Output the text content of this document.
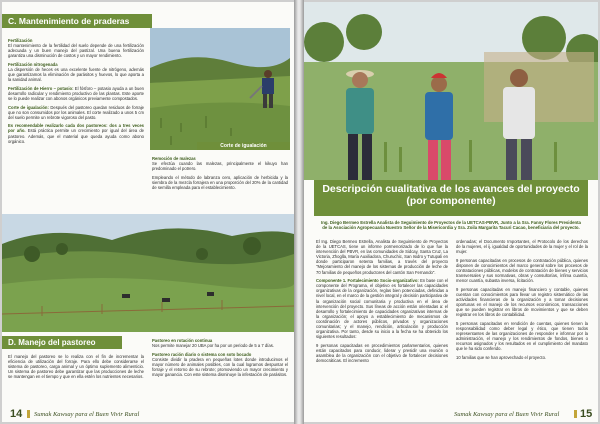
C. Mantenimiento de praderas

Fertilización
El mantenimiento de la fertilidad del suelo depende de una fertilización adecuada y un buen manejo del pastizal. Una buena fertilización garantiza una disminución de costos y un mayor rendimiento.

Fertilización nitrogenada
La dispersión de heces es una excelente fuente de nitrógeno, además que garantizamos la eliminación de parásitos y huevos, lo que aporta a la sanidad animal.

Fertilización de Hierro – potasio: El fósforo – potasio ayuda a un buen desarrollo radicular y rendimiento productivo de las plantas. Este aporte se lo puede realizar con abonos orgánicos previamente compostados.

Corte de igualación: Después del pastoreo quedan residuos de forraje que no son consumidos por los animales. El corte realizado a unos 5 cm del suelo permite un rebrote vigoroso del pasto.

Es recomendable realizarlo cada dos pastoreos: dos a tres veces por año. Está práctica permite un crecimiento por igual del área de pastoreo. Además, que el material que queda ayuda como abono orgánico.

Corte de igualación

Remoción de malezas
Se efectúa cuando las malezas, principalmente el kikuyo han predominado el potrero.

Empleando el método de labranza cero, aplicación de herbicida y la siembra de la mezcla forrajera en una proporción del 20% de la cantidad de semilla empleada para el establecimiento.

D. Manejo del pastoreo

El manejo del pastoreo se lo realiza con el fin de incrementar la eficiencia de utilización del forraje. Para ello debe considerarse el sistema de pastoreo, carga animal y un óptimo suplemento alimenticio. Un sistema de pastoreo debe garantizar que las producciones de leche se mantengan en el tiempo y que en ella estén los nutrientes necesarios.

Pastoreo en rotación continua
Nos permite manejar 20 UBA por ha por un periodo de 5 a 7 días.

Pastoreo ración diario o sistema con soto bocado
Consiste dividir la pradera en pequeñas lotes donde introducimos el mayor número de animales posibles, con la cual logramos despuntar el forraje y el retorno de su rebrote; promoviendo un mayor crecimiento y mayor ganancia. Con este sistema disminuye la infestación de parásitos.

14 Sumak Kawsay para el Buen Vivir Rural
Descripción cualitativa de los avances del proyecto
(por componente)
Ing. Diego Bermeo Estrella Analista de Seguimiento de Proyectos de la UETCAS-PBVR, Junto a la Sra. Fanny Flores Presidenta de la Asociación Agropecuaria Nuestro Señor de la Misericordia y Sra. Zoila Margarita Tacuri Cacao, beneficiaria del proyecto.

El Ing. Diego Bermeo Estrella, Analista de Seguimiento de Proyectos de la UETCAS, tiene un informe pormenorizado de lo que fue la intervención del PBVR, en las comunidades de Sidcay, Santa Cruz, La Victoria, Zhoglla, María Auxiliadora, Churuchic, San Isidro y Tutupali en donde participaron setenta familias, a través del proyecto "Mejoramiento del manejo de los sistemas de producción de leche de 70 familias de pequeños productores del cantón San Fernando".

Componente 1. Fortalecimiento Socio-organizativo: En base con el componente del Programa, el objetivo es fortalecer las capacidades organizativas de la organización, reglas bien potenciadas, definidas a nivel local, en el marco de la gestión integral y decisión participativa de la organización social comunitaria y productiva en el área de intervención del proyecto. Sus líneas de acción están orientadas a: el desarrollo y fortalecimiento de capacidades organizativas internas de la organización; el apoyo a establecimiento de mecanismos de coordinación de actores públicos, privados y organizaciones comunitarias; y el manejo, rendición, articulación y producción organizativa. Por tanto, desde su inicio a la fecha se ha obtenido los siguientes resultados:

9 personas capacitadas en procedimientos parlamentarios, quienes están capacitados para conducir, liderar y presidir una reunión o asamblea de la organización con el objetivo de fortalecer decisiones democráticas. El incremento

ordenadas; el Documento Importantes, el Protocolo de los derechos de la mujeres, el ij. igualdad de oportunidades de la mujer y el rol de la mujer.

9 personas capacitadas en procesos de contratación pública, quienes disponen de conocimientos del marco general sobre los procesos de contrataciones públicas, modelos de contratación de bienes y servicios transversales y sus normativas, obras y consultorías, ínfima cuantía, menor cuantía, subasta inversa, licitación.

9 personas capacitadas en manejo financiero y contable, quienes cuentan con conocimientos para llevar un registro sistemático de las actividades financieras de la organización y a tomar decisiones oportunas en el manejo de los recursos económicos, transacciones que se pueden registrar en libros de movimientos y que se deben registrar en los libros de contabilidad.

5 personas capacitadas en rendición de cuentas, quienes tienen la responsabilidad como deber legal y ético, que tienen todos representantes de las organizaciones de responder e informar por la administración, el manejo y los rendimientos de fondos, bienes o recursos asignados y los resultados en el cumplimiento del mandato que le ha sido conferido.

10 familias que se han aprovechado el proyecto.

Sumak Kawsay para el Buen Vivir Rural 15
